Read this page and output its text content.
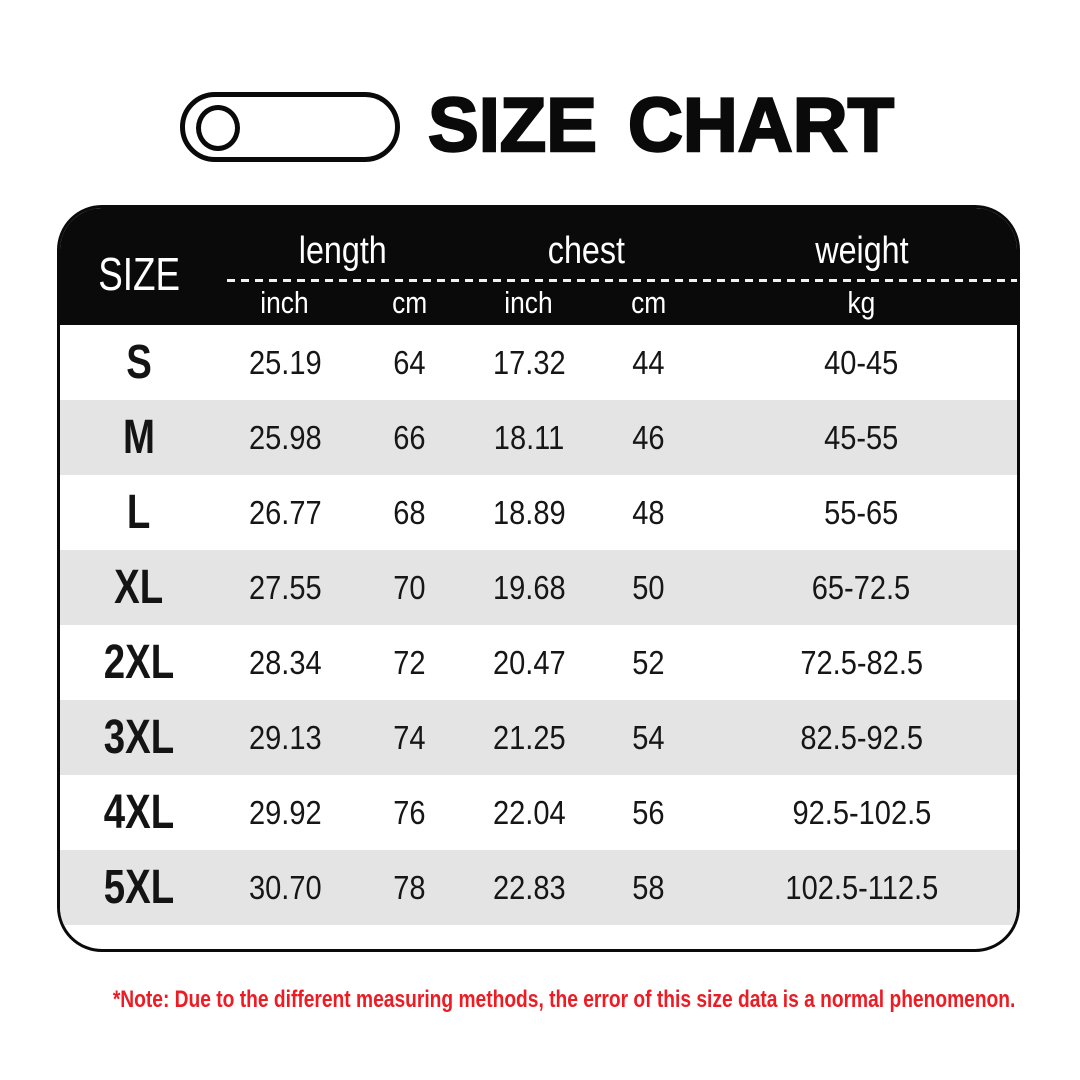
SIZE CHART
SIZE	length	chest	weight
inch	cm	inch	cm	kg
S	25.19 64 17.32 44	40-45
M	25.98 66 18.11 46	45-55
L	26.77 68 18.89 48	55-65
XL	27.55 70 19.68 50	65-72.5
2XL 28.34 72 20.47 52	72.5-82.5
3XL 29.13 74 21.25 54	82.5-92.5
4XL 29.92 76 22.04 56	92.5-102.5
5XL 30.70 78 22.83 58	102.5-112.5
*Note: Due to the different measuring methods, the error of this size data is a normal phenomenon.
